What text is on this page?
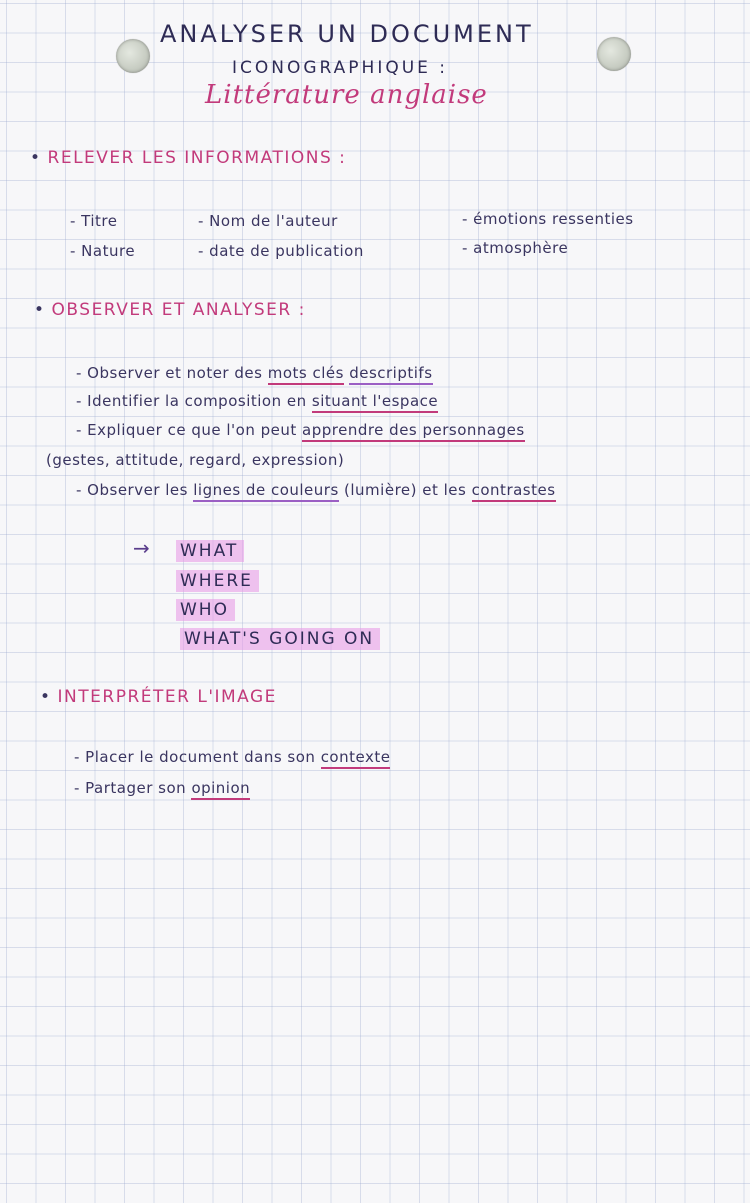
ANALYSER UN DOCUMENT
ICONOGRAPHIQUE :
Littérature anglaise
• RELEVER LES INFORMATIONS :
- Titre
- Nature
- Nom de l'auteur
- date de publication
- émotions ressenties
- atmosphère
• OBSERVER ET ANALYSER :
- Observer et noter des mots clés descriptifs
- Identifier la composition en situant l'espace
- Expliquer ce que l'on peut apprendre des personnages
(gestes, attitude, regard, expression)
- Observer les lignes de couleurs (lumière) et les contrastes
→ WHAT
WHERE
WHO
WHAT'S GOING ON
• INTERPRÉTER L'IMAGE
- Placer le document dans son contexte
- Partager son opinion
